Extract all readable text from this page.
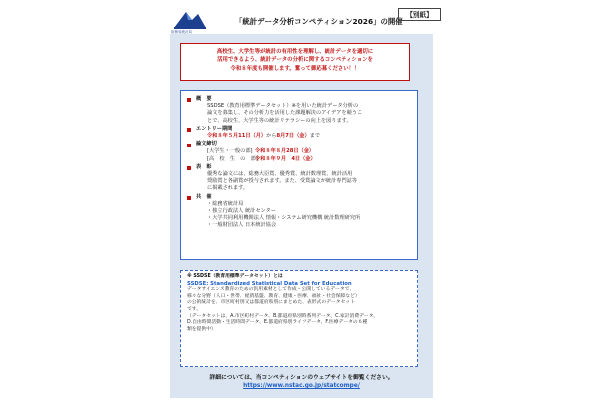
総務省統計局
「統計データ分析コンペティション2026」の開催
【別紙】
高校生、大学生等が統計の有用性を理解し、統計データを適切に
活用できるよう、統計データの分析に関するコンペティションを
令和８年度も開催します。奮って御応募ください！！
概　要
SSDSE（教育用標準データセット）※を用いた統計データ分析の
論文を募集し、その分析力を活用した課題解決のアイデアを競うこ
とで、高校生、大学生等の統計リテラシーの向上を図ります。
エントリー期間
令和８年５月11日（月）から8月7日（金）まで
論文締切
[大学生・一般の部] 令和８年８月28日（金）
[高　校　生　の　部]
令和８年９月　4日（金）
表　彰
優秀な論文には、総務大臣賞、優秀賞、統計数理賞、統計活用
奨励賞と各副賞が授与されます。また、受賞論文が統計専門誌等
に掲載されます。
共　催
・総務省統計局
・独立行政法人 統計センター
・大学共同利用機関法人 情報・システム研究機構 統計数理研究所
・一般財団法人 日本統計協会
※ SSDSE（教育用標準データセット）とは
SSDSE: Standardized Statistical Data Set for Education
データサイエンス教育のための汎用素材として作成・公開しているデータで、
様々な分野（人口・世帯、経済基盤、教育、健康・医療、福祉・社会保障など）
の公的統計を、市区町村別又は都道府県別にまとめた、表形式のデータセット
です。
（データセットは、A.市区町村データ、B.都道府県別時系列データ、C.家計消費データ、
D.自由時間活動・生活時間データ、E.都道府県別ライフデータ、F.医療データの６種
類を提供中）
詳細については、当コンペティションのウェブサイトを御覧ください。
https://www.nstac.go.jp/statcompe/
